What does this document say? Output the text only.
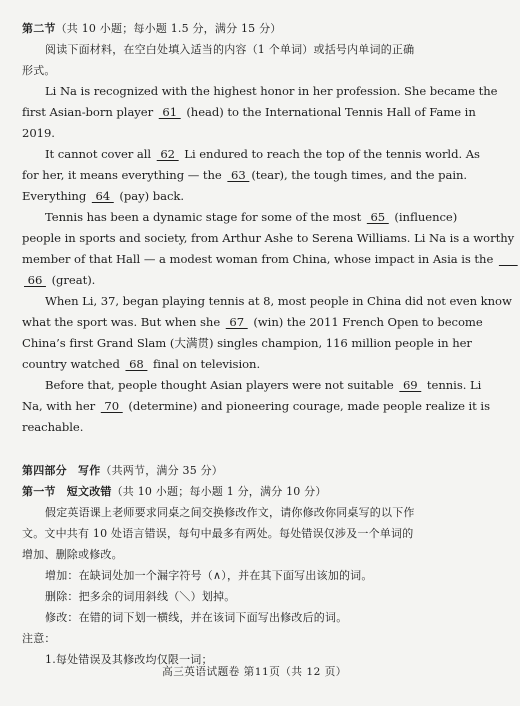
第二节（共 10 小题；每小题 1.5 分，满分 15 分）

阅读下面材料，在空白处填入适当的内容（1 个单词）或括号内单词的正确

形式。

Li Na is recognized with the highest honor in her profession. She became the

first Asian-born player  61  (head) to the International Tennis Hall of Fame in

2019.

It cannot cover all  62  Li endured to reach the top of the tennis world. As

for her, it means everything — the  63 (tear), the tough times, and the pain.

Everything  64  (pay) back.

Tennis has been a dynamic stage for some of the most  65  (influence)

people in sports and society, from Arthur Ashe to Serena Williams. Li Na is a worthy

member of that Hall — a modest woman from China, whose impact in Asia is the  __

66  (great).

When Li, 37, began playing tennis at 8, most people in China did not even know

what the sport was. But when she  67  (win) the 2011 French Open to become

China’s first Grand Slam (大满贯) singles champion, 116 million people in her

country watched  68  final on television.

Before that, people thought Asian players were not suitable  69  tennis. Li

Na, with her  70  (determine) and pioneering courage, made people realize it is

reachable.

第四部分　写作（共两节，满分 35 分）

第一节　短文改错（共 10 小题；每小题 1 分，满分 10 分）

假定英语课上老师要求同桌之间交换修改作文，请你修改你同桌写的以下作

文。文中共有 10 处语言错误，每句中最多有两处。每处错误仅涉及一个单词的

增加、删除或修改。

增加：在缺词处加一个漏字符号（∧），并在其下面写出该加的词。

删除：把多余的词用斜线（＼）划掉。

修改：在错的词下划一横线，并在该词下面写出修改后的词。

注意：

1.每处错误及其修改均仅限一词；

高三英语试题卷 第11页（共 12 页）
